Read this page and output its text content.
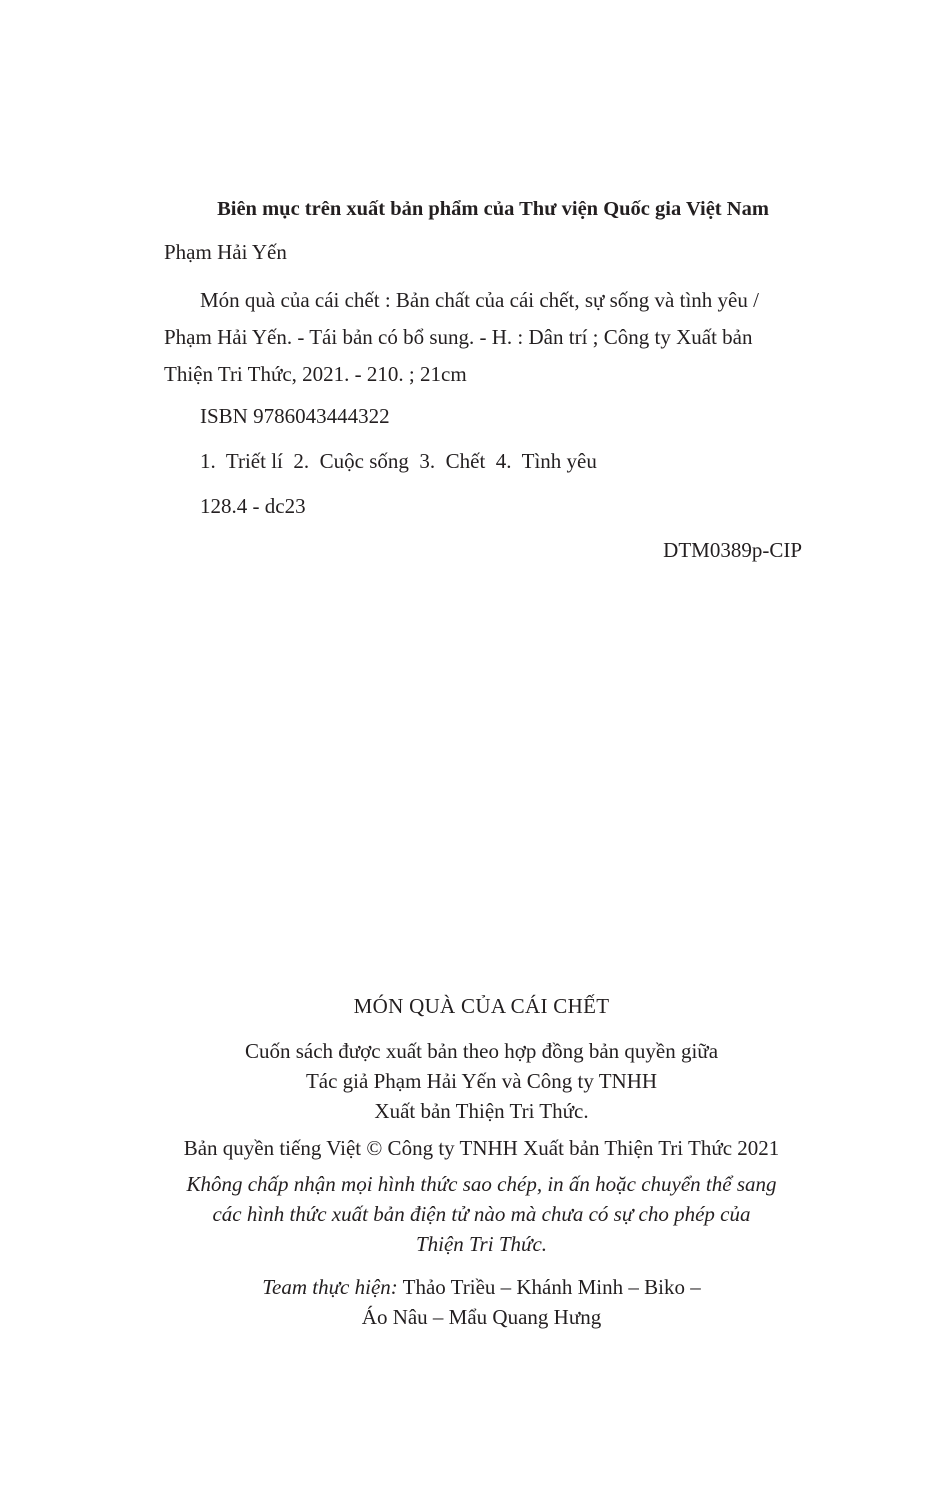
Biên mục trên xuất bản phẩm của Thư viện Quốc gia Việt Nam
Phạm Hải Yến

Món quà của cái chết : Bản chất của cái chết, sự sống và tình yêu / Phạm Hải Yến. - Tái bản có bổ sung. - H. : Dân trí ; Công ty Xuất bản Thiện Tri Thức, 2021. - 210. ; 21cm

ISBN 9786043444322
1.  Triết lí  2.  Cuộc sống  3.  Chết  4.  Tình yêu
128.4 - dc23
DTM0389p-CIP
MÓN QUÀ CỦA CÁI CHẾT
Cuốn sách được xuất bản theo hợp đồng bản quyền giữa
Tác giả Phạm Hải Yến và Công ty TNHH
Xuất bản Thiện Tri Thức.
Bản quyền tiếng Việt © Công ty TNHH Xuất bản Thiện Tri Thức 2021
Không chấp nhận mọi hình thức sao chép, in ấn hoặc chuyển thể sang
các hình thức xuất bản điện tử nào mà chưa có sự cho phép của
Thiện Tri Thức.
Team thực hiện: Thảo Triều – Khánh Minh – Biko –
Áo Nâu – Mẩu Quang Hưng
